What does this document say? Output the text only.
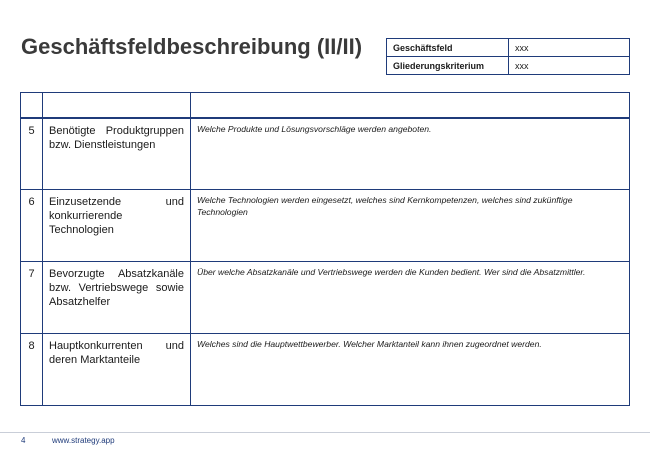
Geschäftsfeldbeschreibung (II/II)	Geschäftsfeld	xxx
Gliederungskriterium	xxx

5	Benötigte Produktgruppen bzw. Dienstleistungen	Welche Produkte und Lösungsvorschläge werden angeboten.
6	Einzusetzende und konkurrierende Technologien	Welche Technologien werden eingesetzt, welches sind Kernkompetenzen, welches sind zukünftige Technologien
7	Bevorzugte Absatzkanäle bzw. Vertriebswege sowie Absatzhelfer	Über welche Absatzkanäle und Vertriebswege werden die Kunden bedient. Wer sind die Absatzmittler.
8	Hauptkonkurrenten und deren Marktanteile	Welches sind die Hauptwettbewerber. Welcher Marktanteil kann ihnen zugeordnet werden.
4	www.strategy.app
